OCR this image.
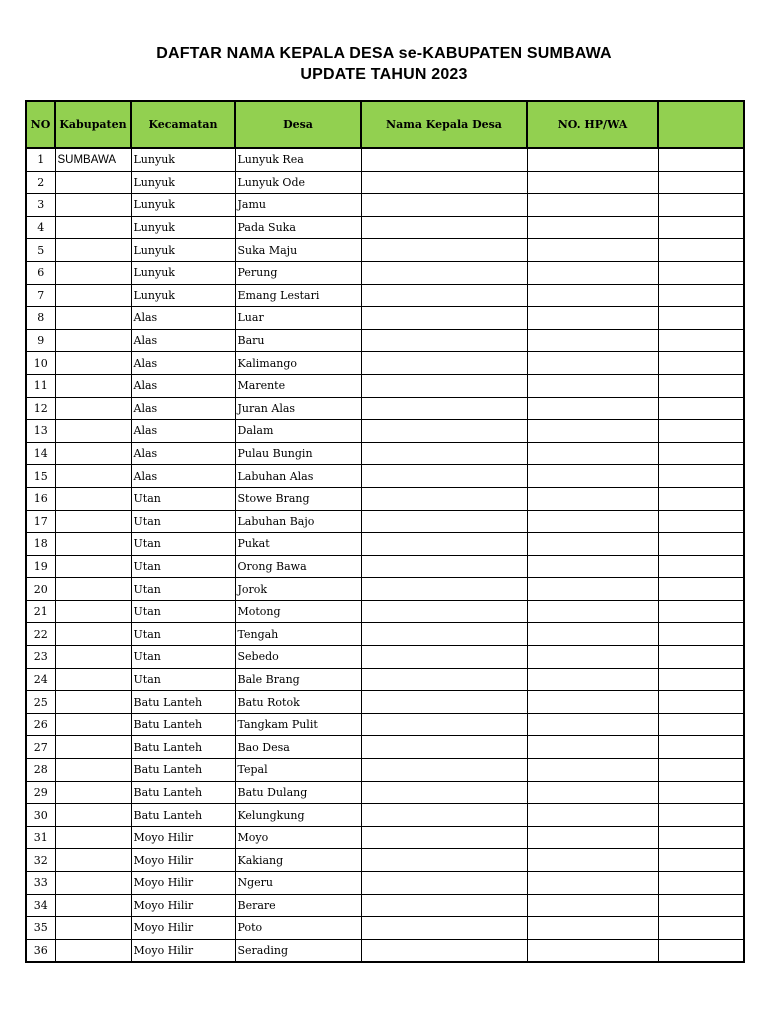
DAFTAR NAMA KEPALA DESA se-KABUPATEN SUMBAWA
UPDATE TAHUN 2023
NO	Kabupaten	Kecamatan	Desa	Nama Kepala Desa	NO. HP/WA	
1	SUMBAWA	Lunyuk	Lunyuk Rea			
2		Lunyuk	Lunyuk Ode			
3		Lunyuk	Jamu			
4		Lunyuk	Pada Suka			
5		Lunyuk	Suka Maju			
6		Lunyuk	Perung			
7		Lunyuk	Emang Lestari			
8		Alas	Luar			
9		Alas	Baru			
10		Alas	Kalimango			
11		Alas	Marente			
12		Alas	Juran Alas			
13		Alas	Dalam			
14		Alas	Pulau Bungin			
15		Alas	Labuhan Alas			
16		Utan	Stowe Brang			
17		Utan	Labuhan Bajo			
18		Utan	Pukat			
19		Utan	Orong Bawa			
20		Utan	Jorok			
21		Utan	Motong			
22		Utan	Tengah			
23		Utan	Sebedo			
24		Utan	Bale Brang			
25		Batu Lanteh	Batu Rotok			
26		Batu Lanteh	Tangkam Pulit			
27		Batu Lanteh	Bao Desa			
28		Batu Lanteh	Tepal			
29		Batu Lanteh	Batu Dulang			
30		Batu Lanteh	Kelungkung			
31		Moyo Hilir	Moyo			
32		Moyo Hilir	Kakiang			
33		Moyo Hilir	Ngeru			
34		Moyo Hilir	Berare			
35		Moyo Hilir	Poto			
36		Moyo Hilir	Serading			
